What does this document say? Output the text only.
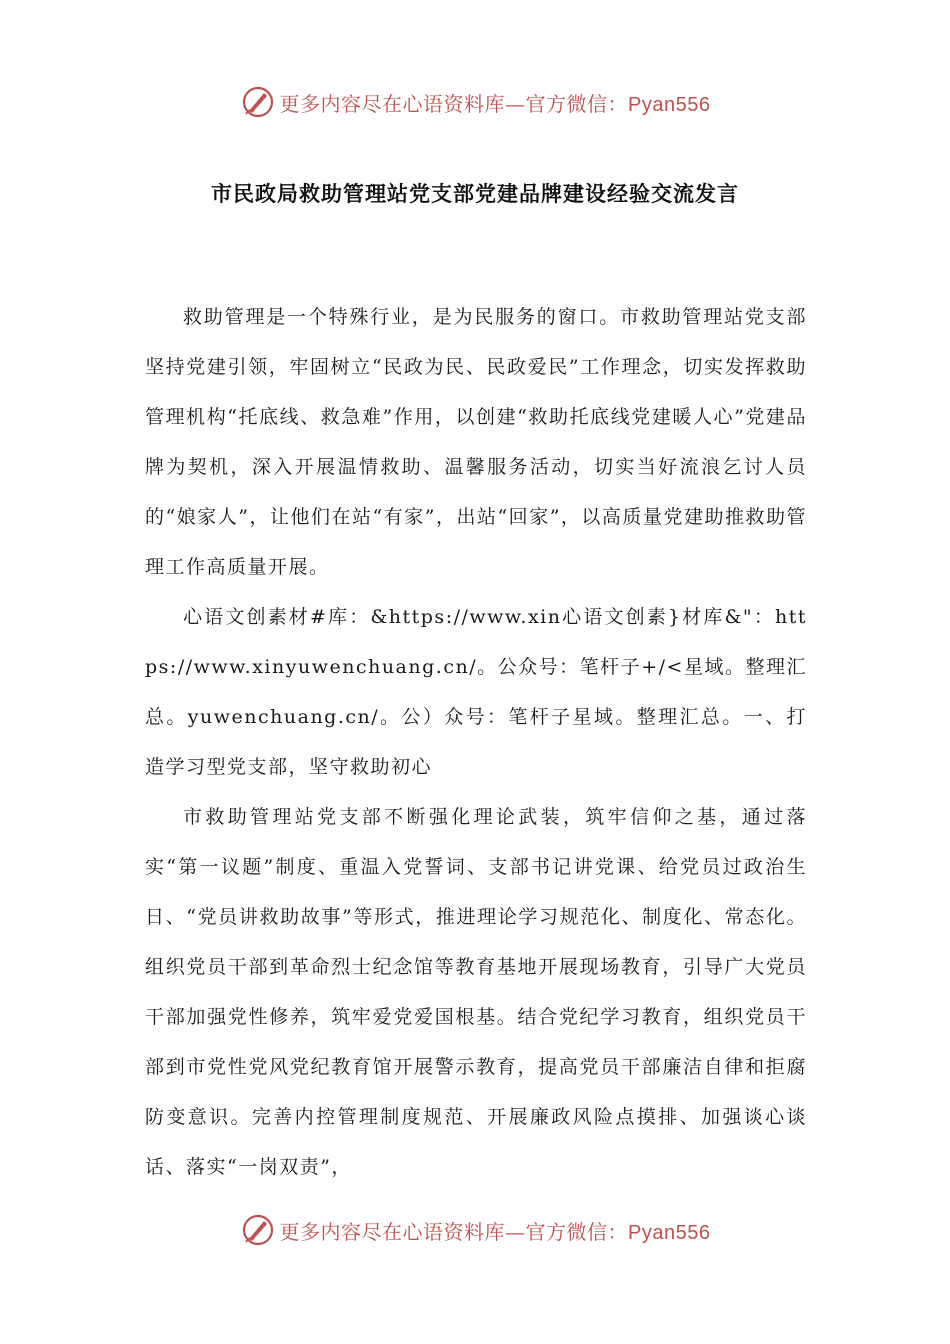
更多内容尽在心语资料库—官方微信：Pyan556
市民政局救助管理站党支部党建品牌建设经验交流发言

救助管理是一个特殊行业，是为民服务的窗口。市救助管理站党支部坚持党建引领，牢固树立“民政为民、民政爱民”工作理念，切实发挥救助管理机构“托底线、救急难”作用，以创建“救助托底线党建暖人心”党建品牌为契机，深入开展温情救助、温馨服务活动，切实当好流浪乞讨人员的“娘家人”，让他们在站“有家”，出站“回家”，以高质量党建助推救助管理工作高质量开展。

心语文创素材#库：&https://www.xin心语文创素}材库&"：https://www.xinyuwenchuang.cn/。公众号：笔杆子+/<星域。整理汇总。yuwenchuang.cn/。公）众号：笔杆子星域。整理汇总。一、打造学习型党支部，坚守救助初心

市救助管理站党支部不断强化理论武装，筑牢信仰之基，通过落实“第一议题”制度、重温入党誓词、支部书记讲党课、给党员过政治生日、“党员讲救助故事”等形式，推进理论学习规范化、制度化、常态化。组织党员干部到革命烈士纪念馆等教育基地开展现场教育，引导广大党员干部加强党性修养，筑牢爱党爱国根基。结合党纪学习教育，组织党员干部到市党性党风党纪教育馆开展警示教育，提高党员干部廉洁自律和拒腐防变意识。完善内控管理制度规范、开展廉政风险点摸排、加强谈心谈话、落实“一岗双责”，

更多内容尽在心语资料库—官方微信：Pyan556
